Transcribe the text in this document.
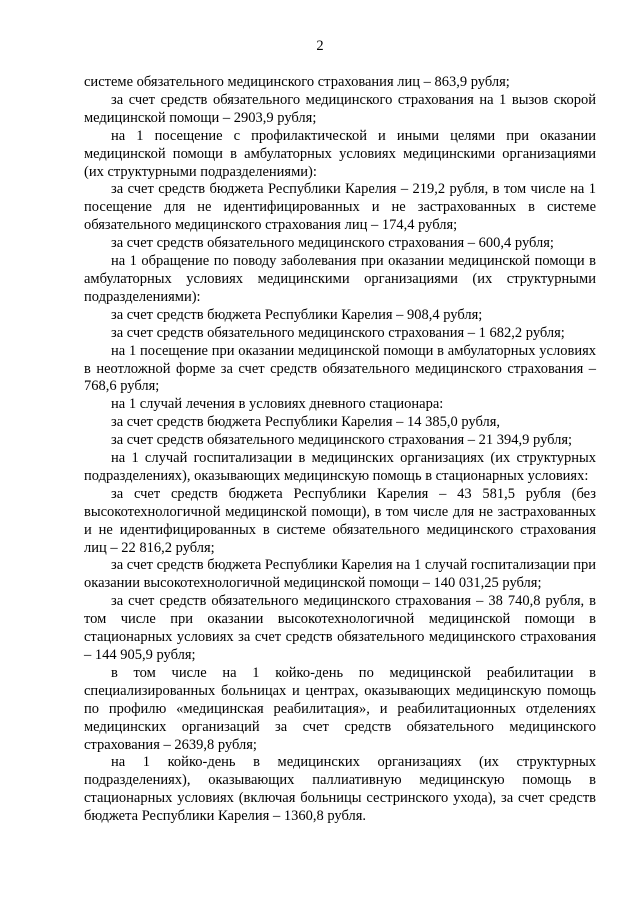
2

системе обязательного медицинского страхования лиц – 863,9 рубля;

за счет средств обязательного медицинского страхования на 1 вызов скорой медицинской помощи – 2903,9 рубля;

на 1 посещение с профилактической и иными целями при оказании медицинской помощи в амбулаторных условиях медицинскими организациями (их структурными подразделениями):

за счет средств бюджета Республики Карелия – 219,2 рубля, в том числе на 1 посещение для не идентифицированных и не застрахованных в системе обязательного медицинского страхования лиц – 174,4 рубля;

за счет средств обязательного медицинского страхования – 600,4 рубля;

на 1 обращение по поводу заболевания при оказании медицинской помощи в амбулаторных условиях медицинскими организациями (их структурными подразделениями):

за счет средств бюджета Республики Карелия – 908,4 рубля;

за счет средств обязательного медицинского страхования – 1 682,2 рубля;

на 1 посещение при оказании медицинской помощи в амбулаторных условиях в неотложной форме за счет средств обязательного медицинского страхования – 768,6 рубля;

на 1 случай лечения в условиях дневного стационара:

за счет средств бюджета Республики Карелия – 14 385,0 рубля,

за счет средств обязательного медицинского страхования – 21 394,9 рубля;

на 1 случай госпитализации в медицинских организациях (их структурных подразделениях), оказывающих медицинскую помощь в стационарных условиях:

за счет средств бюджета Республики Карелия – 43 581,5 рубля (без высокотехнологичной медицинской помощи), в том числе для не застрахованных и не идентифицированных в системе обязательного медицинского страхования лиц – 22 816,2 рубля;

за счет средств бюджета Республики Карелия на 1 случай госпитализации при оказании высокотехнологичной медицинской помощи – 140 031,25 рубля;

за счет средств обязательного медицинского страхования – 38 740,8 рубля, в том числе при оказании высокотехнологичной медицинской помощи в стационарных условиях за счет средств обязательного медицинского страхования – 144 905,9 рубля;

в том числе на 1 койко-день по медицинской реабилитации в специализированных больницах и центрах, оказывающих медицинскую помощь по профилю «медицинская реабилитация», и реабилитационных отделениях медицинских организаций за счет средств обязательного медицинского страхования – 2639,8 рубля;

на 1 койко-день в медицинских организациях (их структурных подразделениях), оказывающих паллиативную медицинскую помощь в стационарных условиях (включая больницы сестринского ухода), за счет средств бюджета Республики Карелия – 1360,8 рубля.
